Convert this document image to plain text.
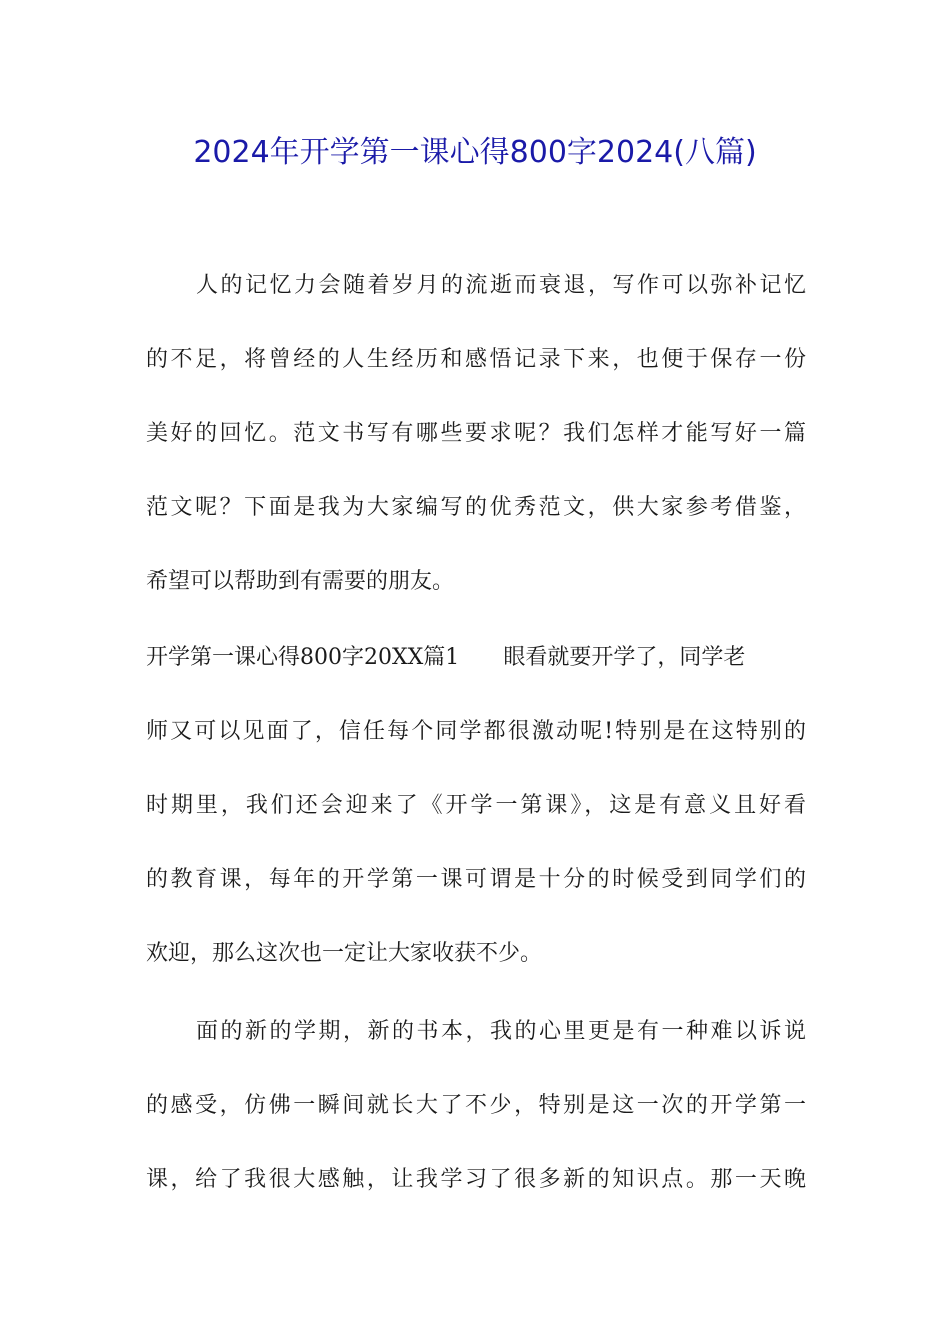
2024年开学第一课心得800字2024(八篇)
人的记忆力会随着岁月的流逝而衰退，写作可以弥补记忆
的不足，将曾经的人生经历和感悟记录下来，也便于保存一份
美好的回忆。范文书写有哪些要求呢？我们怎样才能写好一篇
范文呢？下面是我为大家编写的优秀范文，供大家参考借鉴，
希望可以帮助到有需要的朋友。
开学第一课心得800字20XX篇1 眼看就要开学了，同学老
师又可以见面了，信任每个同学都很激动呢!特别是在这特别的
时期里，我们还会迎来了《开学一第课》，这是有意义且好看
的教育课，每年的开学第一课可谓是十分的时候受到同学们的
欢迎，那么这次也一定让大家收获不少。
面的新的学期，新的书本，我的心里更是有一种难以诉说
的感受，仿佛一瞬间就长大了不少，特别是这一次的开学第一
课，给了我很大感触，让我学习了很多新的知识点。那一天晚
